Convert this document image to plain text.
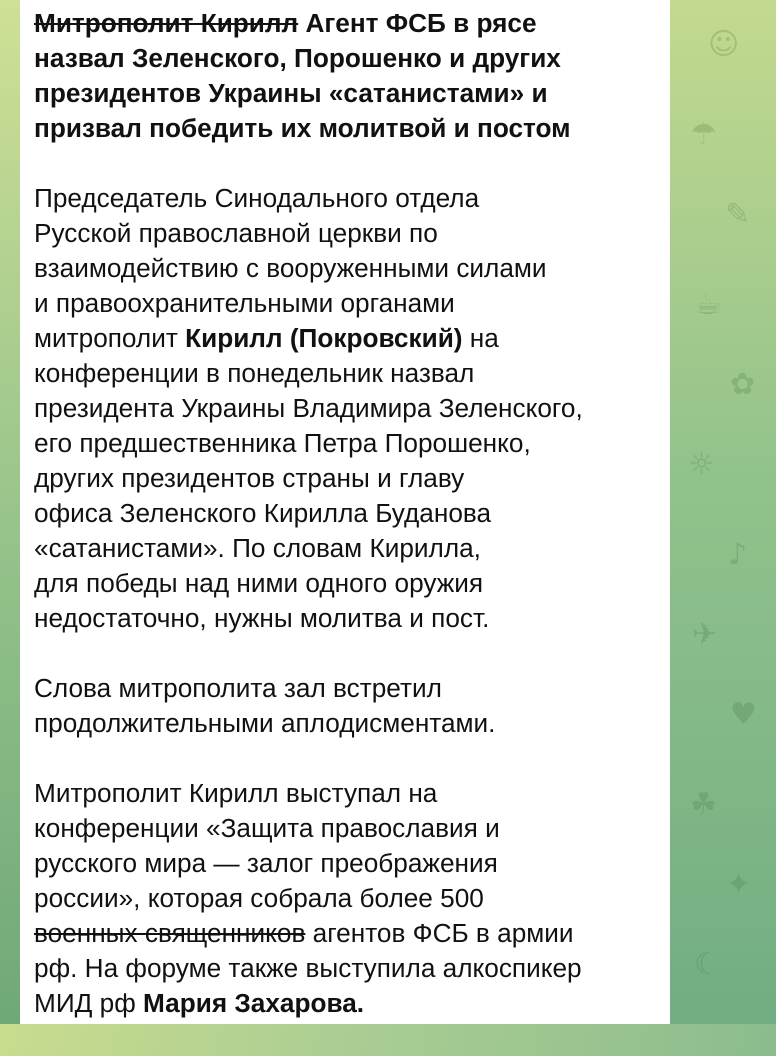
☺
☂
✎
☕
✿
☼
♪
✈
♥
☘
✦
☾

Митрополит Кирилл Агент ФСБ в рясе
назвал Зеленского, Порошенко и других
президентов Украины «сатанистами» и
призвал победить их молитвой и постом

Председатель Синодального отдела
Русской православной церкви по
взаимодействию с вооруженными силами
и правоохранительными органами
митрополит Кирилл (Покровский) на
конференции в понедельник назвал
президента Украины Владимира Зеленского,
его предшественника Петра Порошенко,
других президентов страны и главу
офиса Зеленского Кирилла Буданова
«сатанистами». По словам Кирилла,
для победы над ними одного оружия
недостаточно, нужны молитва и пост.

Слова митрополита зал встретил
продолжительными аплодисментами.

Митрополит Кирилл выступал на
конференции «Защита православия и
русского мира — залог преображения
россии», которая собрала более 500
военных священников агентов ФСБ в армии
рф. На форуме также выступила алкоспикер
МИД рф Мария Захарова.
